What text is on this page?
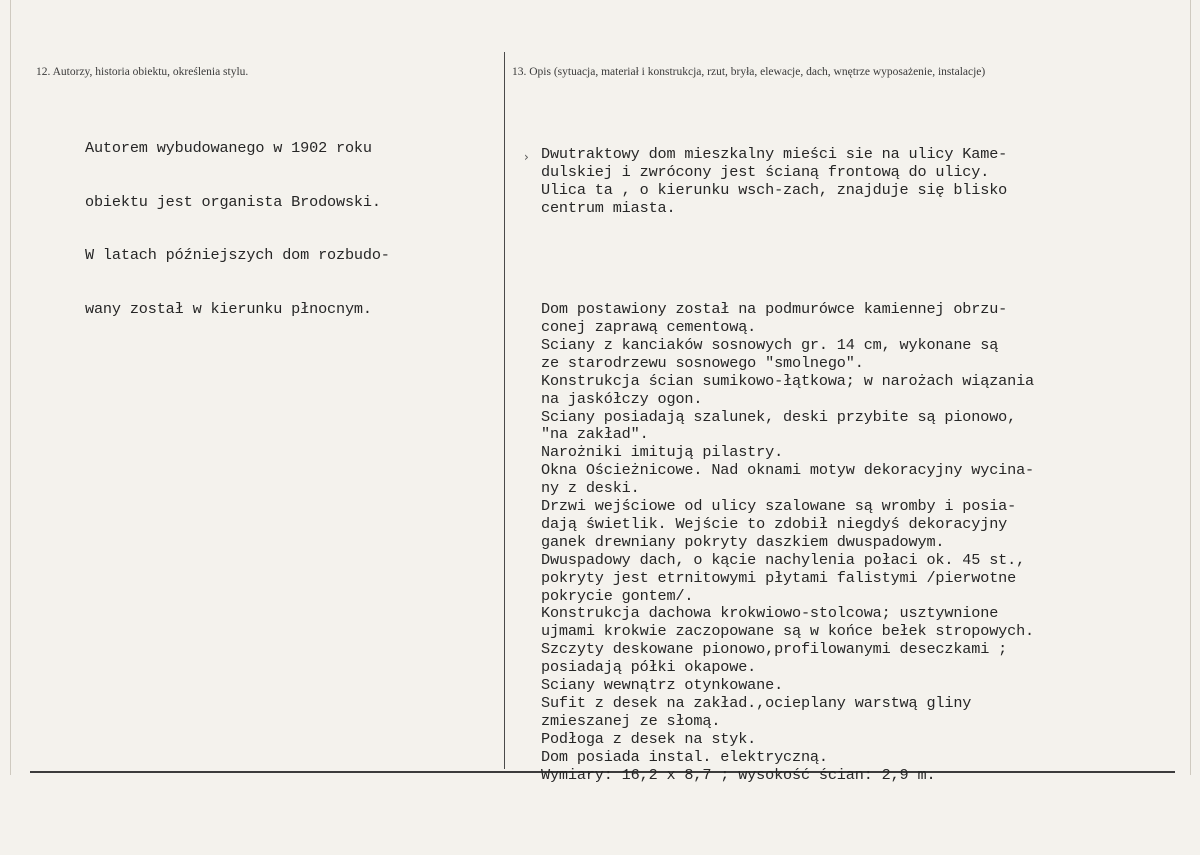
12. Autorzy, historia obiektu, określenia stylu.	13. Opis (sytuacja, materiał i konstrukcja, rzut, bryła, elewacje, dach, wnętrze wyposażenie, instalacje)

Autorem wybudowanego w 1902 roku

obiektu jest organista Brodowski.

W latach późniejszych dom rozbudo-

wany został w kierunku płnocnym.

›

Dwutraktowy dom mieszkalny mieści sie na ulicy Kame-
dulskiej i zwrócony jest ścianą frontową do ulicy.
Ulica ta , o kierunku wsch-zach, znajduje się blisko
centrum miasta.

Dom postawiony został na podmurówce kamiennej obrzu-
conej zaprawą cementową.
Sciany z kanciaków sosnowych gr. 14 cm, wykonane są
ze starodrzewu sosnowego "smolnego".
Konstrukcja ścian sumikowo-łątkowa; w narożach wiązania
na jaskółczy ogon.
Sciany posiadają szalunek, deski przybite są pionowo,
"na zakład".
Narożniki imitują pilastry.
Okna Ościeżnicowe. Nad oknami motyw dekoracyjny wycina-
ny z deski.
Drzwi wejściowe od ulicy szalowane są wromby i posia-
dają świetlik. Wejście to zdobił niegdyś dekoracyjny
ganek drewniany pokryty daszkiem dwuspadowym.
Dwuspadowy dach, o kącie nachylenia połaci ok. 45 st.,
pokryty jest etrnitowymi płytami falistymi /pierwotne
pokrycie gontem/.
Konstrukcja dachowa krokwiowo-stolcowa; usztywnione
ujmami krokwie zaczopowane są w końce bełek stropowych.
Szczyty deskowane pionowo,profilowanymi deseczkami ;
posiadają półki okapowe.
Sciany wewnątrz otynkowane.
Sufit z desek na zakład.,ocieplany warstwą gliny
zmieszanej ze słomą.
Podłoga z desek na styk.
Dom posiada instal. elektryczną.
Wymiary: 16,2 x 8,7 ; wysokość ścian: 2,9 m.
